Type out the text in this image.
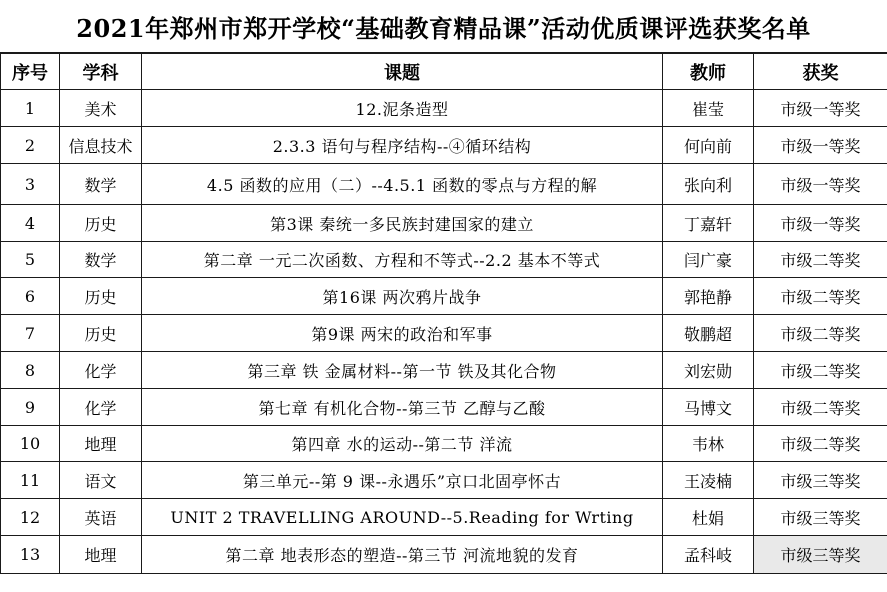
2021年郑州市郑开学校“基础教育精品课”活动优质课评选获奖名单
序号	学科	课题	教师	获奖
1	美术	12.泥条造型	崔莹	市级一等奖
2	信息技术	2.3.3 语句与程序结构--④循环结构	何向前	市级一等奖
3	数学	4.5 函数的应用（二）--4.5.1 函数的零点与方程的解	张向利	市级一等奖
4	历史	第3课 秦统一多民族封建国家的建立	丁嘉轩	市级一等奖
5	数学	第二章 一元二次函数、方程和不等式--2.2 基本不等式	闫广豪	市级二等奖
6	历史	第16课 两次鸦片战争	郭艳静	市级二等奖
7	历史	第9课 两宋的政治和军事	敬鹏超	市级二等奖
8	化学	第三章 铁 金属材料--第一节 铁及其化合物	刘宏勋	市级二等奖
9	化学	第七章 有机化合物--第三节 乙醇与乙酸	马博文	市级二等奖
10	地理	第四章 水的运动--第二节 洋流	韦林	市级二等奖
11	语文	第三单元--第 9 课--永遇乐”京口北固亭怀古	王凌楠	市级三等奖
12	英语	UNIT 2 TRAVELLING AROUND--5.Reading for Wrting	杜娟	市级三等奖
13	地理	第二章 地表形态的塑造--第三节 河流地貌的发育	孟科岐	市级三等奖
